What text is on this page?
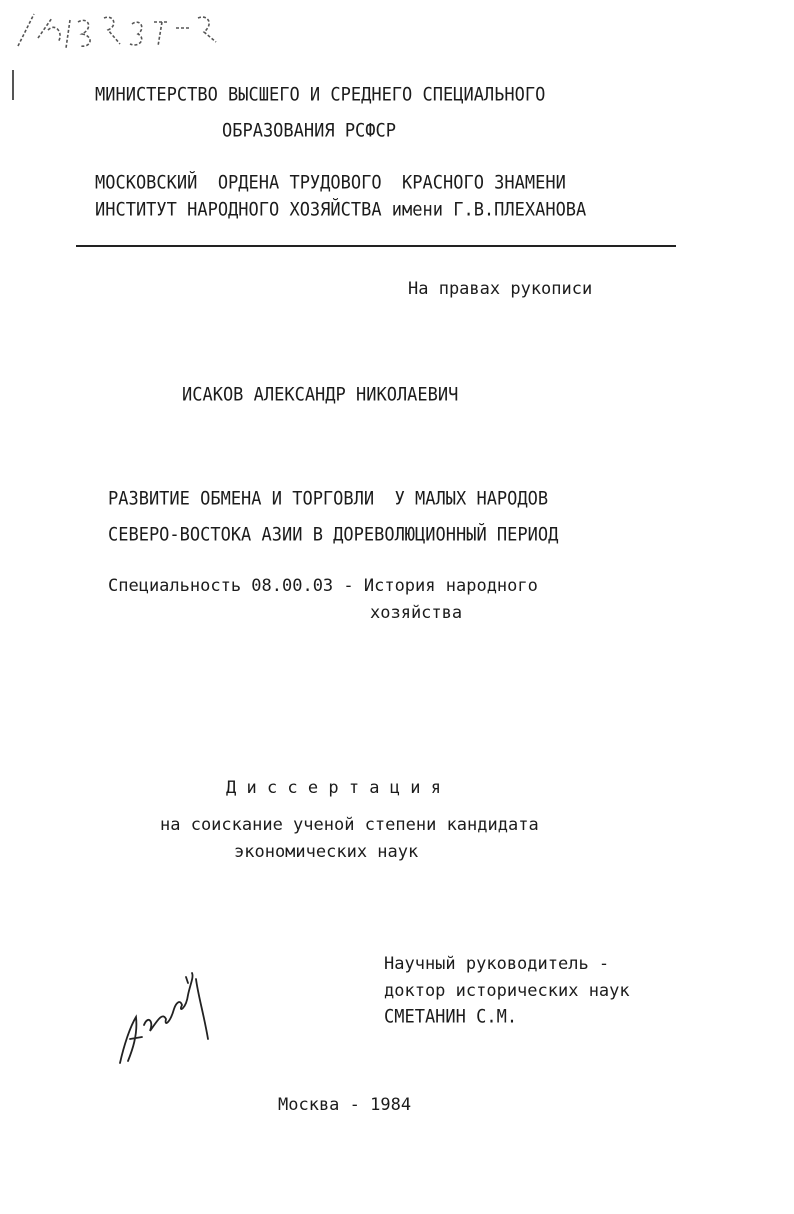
МИНИСТЕРСТВО ВЫСШЕГО И СРЕДНЕГО СПЕЦИАЛЬНОГО
ОБРАЗОВАНИЯ РСФСР
МОСКОВСКИЙ  ОРДЕНА ТРУДОВОГО  КРАСНОГО ЗНАМЕНИ
ИНСТИТУТ НАРОДНОГО ХОЗЯЙСТВА имени Г.В.ПЛЕХАНОВА
На правах рукописи
ИСАКОВ АЛЕКСАНДР НИКОЛАЕВИЧ
РАЗВИТИЕ ОБМЕНА И ТОРГОВЛИ  У МАЛЫХ НАРОДОВ
СЕВЕРО-ВОСТОКА АЗИИ В ДОРЕВОЛЮЦИОННЫЙ ПЕРИОД
Специальность 08.00.03 - История народного
хозяйства
Д и с с е р т а ц и я
на соискание ученой степени кандидата
экономических наук
Научный руководитель -
доктор исторических наук
СМЕТАНИН С.М.
Москва - 1984
